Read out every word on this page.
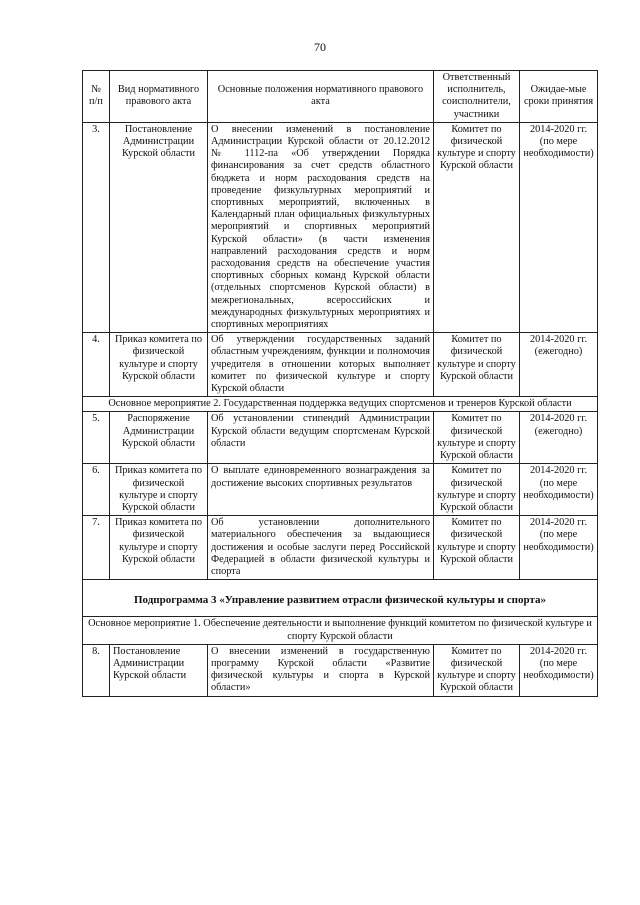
70
№ п/п	Вид нормативного правового акта	Основные положения нормативного правового акта	Ответственный исполнитель, соисполнители, участники	Ожидае-мые сроки принятия
3.	Постановление Администрации Курской области	О внесении изменений в постановление Администрации Курской области от 20.12.2012 № 1112-па «Об утверждении Порядка финансирования за счет средств областного бюджета и норм расходования средств на проведение физкультурных мероприятий и спортивных мероприятий, включенных в Календарный план официальных физкультурных мероприятий и спортивных мероприятий Курской области» (в части изменения направлений расходования средств и норм расходования средств на обеспечение участия спортивных сборных команд Курской области (отдельных спортсменов Курской области) в межрегиональных, всероссийских и международных физкультурных мероприятиях и спортивных мероприятиях	Комитет по физической культуре и спорту Курской области	2014-2020 гг. (по мере необходимости)
4.	Приказ комитета по физической культуре и спорту Курской области	Об утверждении государственных заданий областным учреждениям, функции и полномочия учредителя в отношении которых выполняет комитет по физической культуре и спорту Курской области	Комитет по физической культуре и спорту Курской области	2014-2020 гг. (ежегодно)
Основное мероприятие 2. Государственная поддержка ведущих спортсменов и тренеров Курской области				
5.	Распоряжение Администрации Курской области	Об установлении стипендий Администрации Курской области ведущим спортсменам Курской области	Комитет по физической культуре и спорту Курской области	2014-2020 гг. (ежегодно)
6.	Приказ комитета по физической культуре и спорту Курской области	О выплате единовременного вознаграждения за достижение высоких спортивных результатов	Комитет по физической культуре и спорту Курской области	2014-2020 гг. (по мере необходимости)
7.	Приказ комитета по физической культуре и спорту Курской области	Об установлении дополнительного материального обеспечения за выдающиеся достижения и особые заслуги перед Российской Федерацией в области физической культуры и спорта	Комитет по физической культуре и спорту Курской области	2014-2020 гг. (по мере необходимости)
Подпрограмма 3 «Управление развитием отрасли физической культуры и спорта»				
Основное мероприятие 1. Обеспечение деятельности и выполнение функций комитетом по физической культуре и спорту Курской области				
8.	Постановление Администрации Курской области	О внесении изменений в государственную программу Курской области «Развитие физической культуры и спорта в Курской области»	Комитет по физической культуре и спорту Курской области	2014-2020 гг. (по мере необходимости)
